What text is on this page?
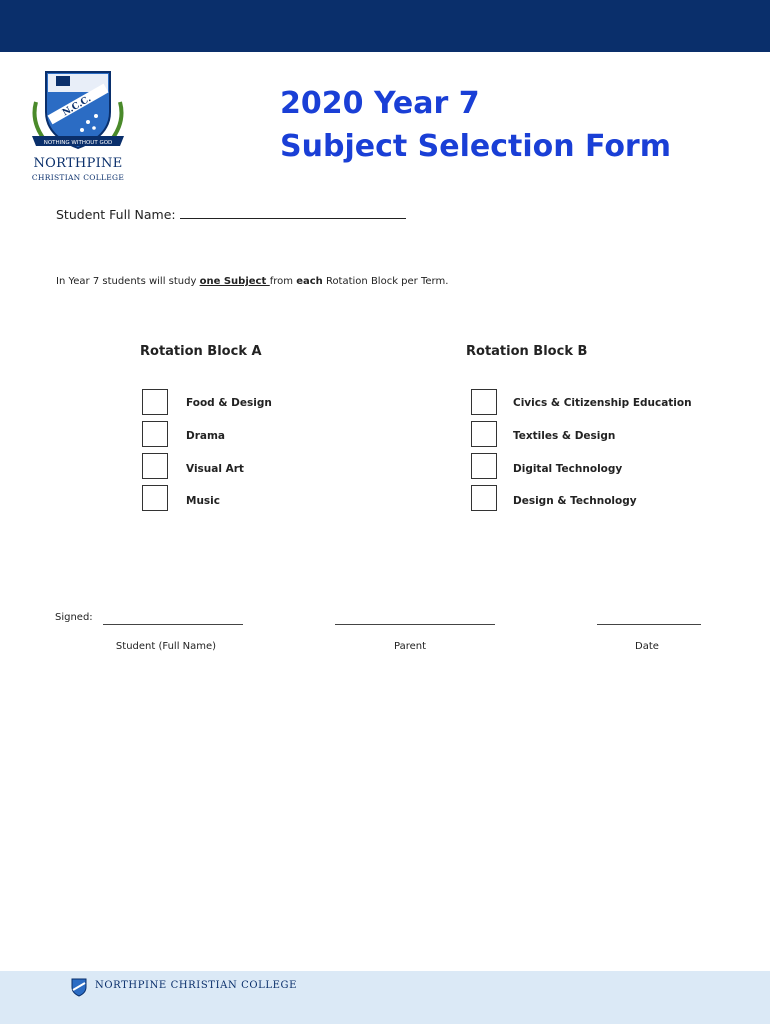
N.C.C.
NOTHING WITHOUT GOD
NORTHPINE
CHRISTIAN COLLEGE
2020 Year 7
Subject Selection Form
Student Full Name:
In Year 7 students will study one Subject from each Rotation Block per Term.
Rotation Block A
Food & Design
Drama
Visual Art
Music
Rotation Block B
Civics & Citizenship Education
Textiles & Design
Digital Technology
Design & Technology
Signed:
Student (Full Name)	Parent	Date
NORTHPINE CHRISTIAN COLLEGE
